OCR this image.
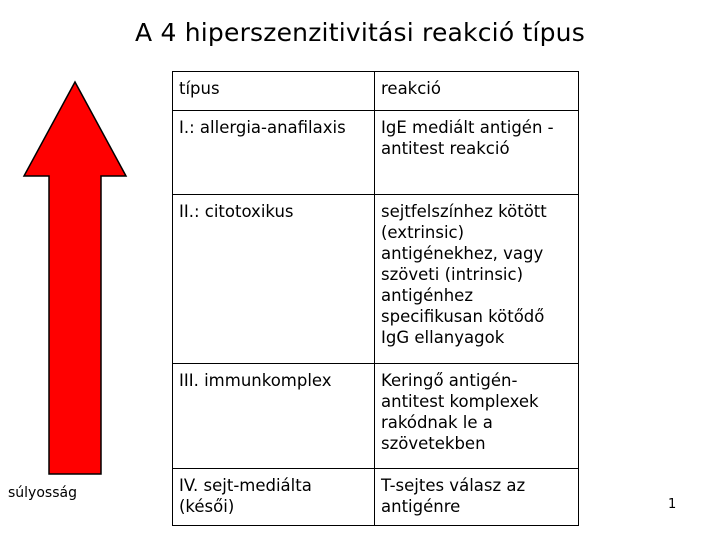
A 4 hiperszenzitivitási reakció típus
súlyosság
típus	reakció
I.: allergia-anafilaxis	IgE mediált antigén -antitest reakció
II.: citotoxikus	sejtfelszínhez kötött (extrinsic) antigénekhez, vagy szöveti (intrinsic) antigénhez specifikusan kötődő IgG ellanyagok
III. immunkomplex	Keringő antigén-antitest komplexek rakódnak le a szövetekben
IV. sejt-mediálta (késői)	T-sejtes válasz az antigénre	1
